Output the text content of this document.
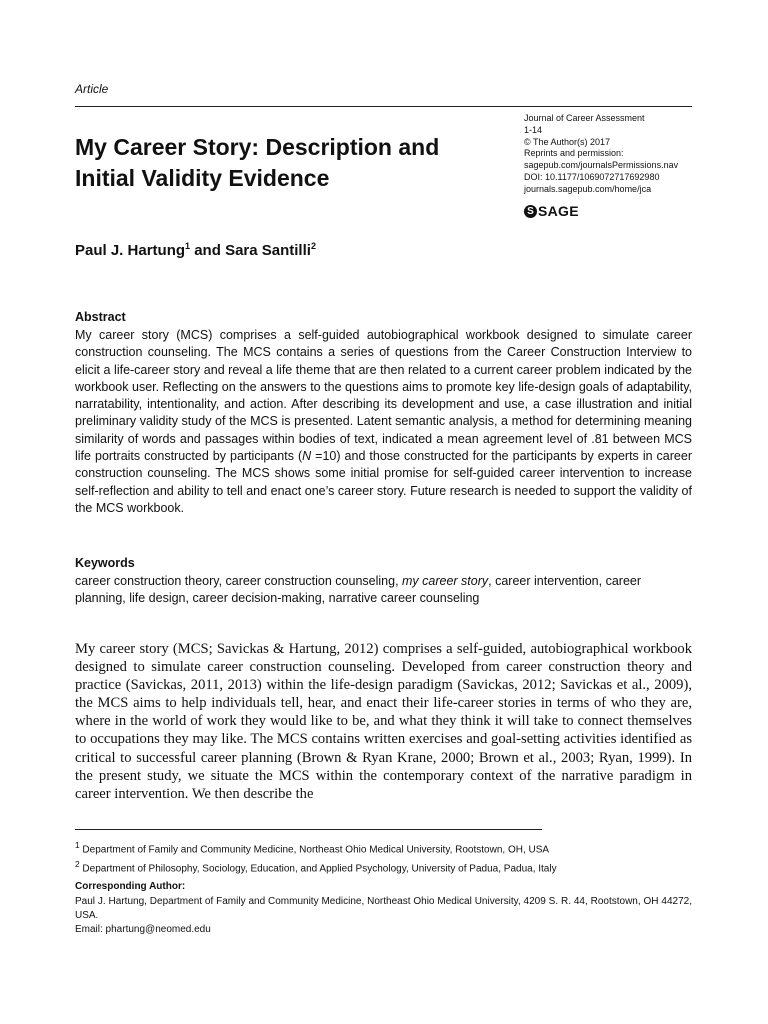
Article
My Career Story: Description and Initial Validity Evidence
Journal of Career Assessment
1-14
© The Author(s) 2017
Reprints and permission:
sagepub.com/journalsPermissions.nav
DOI: 10.1177/1069072717692980
journals.sagepub.com/home/jca
S SAGE
Paul J. Hartung$^1$ and Sara Santilli$^2$
Abstract

My career story (MCS) comprises a self-guided autobiographical workbook designed to simulate career construction counseling. The MCS contains a series of questions from the Career Construction Interview to elicit a life-career story and reveal a life theme that are then related to a current career problem indicated by the workbook user. Reflecting on the answers to the questions aims to promote key life-design goals of adaptability, narratability, intentionality, and action. After describing its development and use, a case illustration and initial preliminary validity study of the MCS is presented. Latent semantic analysis, a method for determining meaning similarity of words and passages within bodies of text, indicated a mean agreement level of .81 between MCS life portraits constructed by participants (N =10) and those constructed for the participants by experts in career construction counseling. The MCS shows some initial promise for self-guided career intervention to increase self-reflection and ability to tell and enact one’s career story. Future research is needed to support the validity of the MCS workbook.

Keywords

career construction theory, career construction counseling, my career story, career intervention, career planning, life design, career decision-making, narrative career counseling

My career story (MCS; Savickas & Hartung, 2012) comprises a self-guided, autobiographical workbook designed to simulate career construction counseling. Developed from career construction theory and practice (Savickas, 2011, 2013) within the life-design paradigm (Savickas, 2012; Savickas et al., 2009), the MCS aims to help individuals tell, hear, and enact their life-career stories in terms of who they are, where in the world of work they would like to be, and what they think it will take to connect themselves to occupations they may like. The MCS contains written exercises and goal-setting activities identified as critical to successful career planning (Brown & Ryan Krane, 2000; Brown et al., 2003; Ryan, 1999). In the present study, we situate the MCS within the contemporary context of the narrative paradigm in career intervention. We then describe the

$^1$ Department of Family and Community Medicine, Northeast Ohio Medical University, Rootstown, OH, USA
$^2$ Department of Philosophy, Sociology, Education, and Applied Psychology, University of Padua, Padua, Italy
Corresponding Author:

Paul J. Hartung, Department of Family and Community Medicine, Northeast Ohio Medical University, 4209 S. R. 44, Rootstown, OH 44272, USA.
Email: phartung@neomed.edu
